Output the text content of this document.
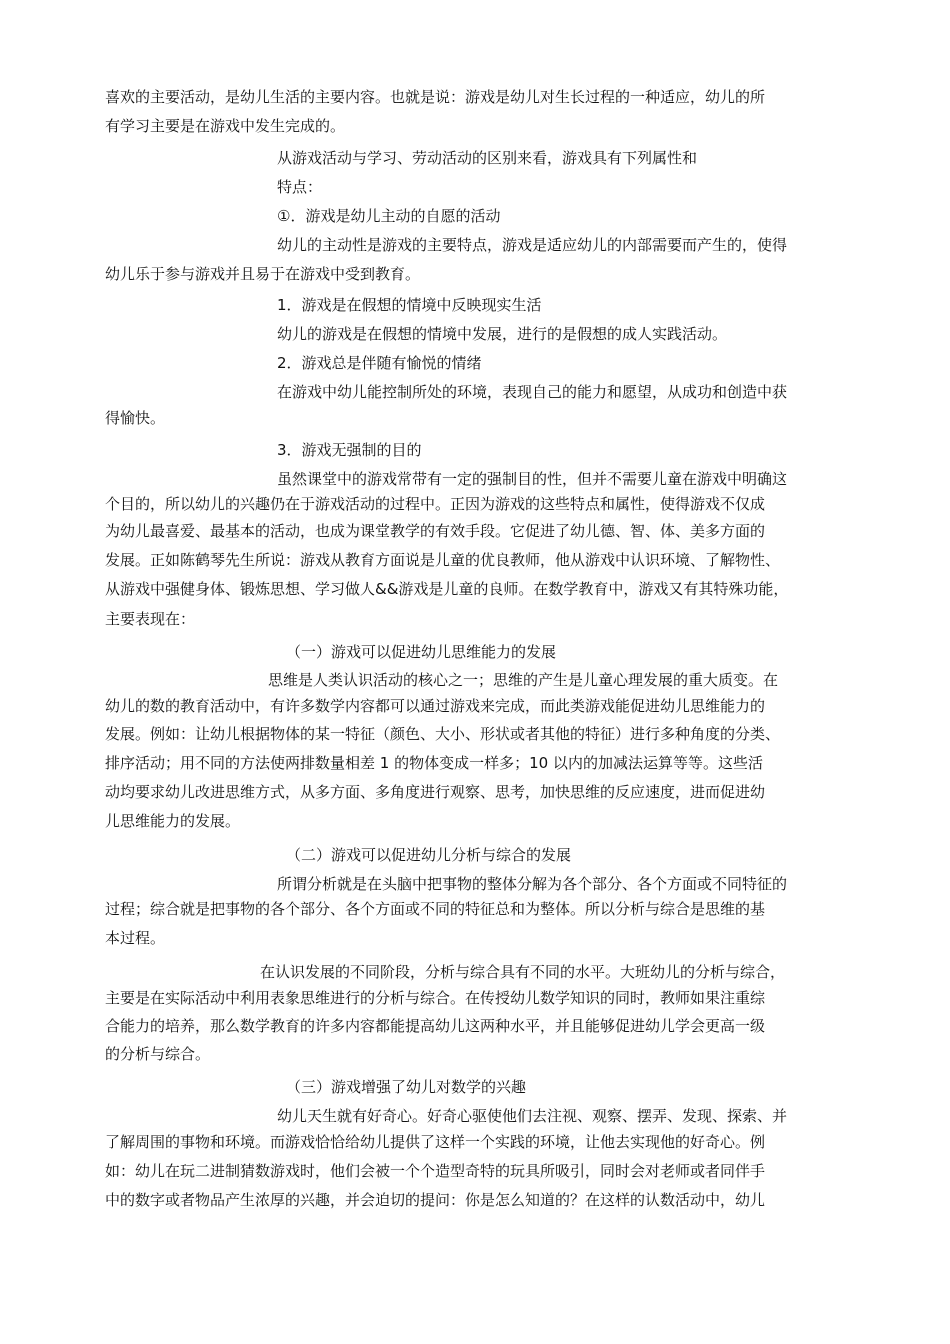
喜欢的主要活动，是幼儿生活的主要内容。也就是说：游戏是幼儿对生长过程的一种适应，幼儿的所
有学习主要是在游戏中发生完成的。
从游戏活动与学习、劳动活动的区别来看，游戏具有下列属性和
特点：
①．游戏是幼儿主动的自愿的活动
幼儿的主动性是游戏的主要特点，游戏是适应幼儿的内部需要而产生的，使得
幼儿乐于参与游戏并且易于在游戏中受到教育。
1．游戏是在假想的情境中反映现实生活
幼儿的游戏是在假想的情境中发展，进行的是假想的成人实践活动。
2．游戏总是伴随有愉悦的情绪
在游戏中幼儿能控制所处的环境，表现自己的能力和愿望，从成功和创造中获
得愉快。
3．游戏无强制的目的
虽然课堂中的游戏常带有一定的强制目的性，但并不需要儿童在游戏中明确这
个目的，所以幼儿的兴趣仍在于游戏活动的过程中。正因为游戏的这些特点和属性，使得游戏不仅成
为幼儿最喜爱、最基本的活动，也成为课堂教学的有效手段。它促进了幼儿德、智、体、美多方面的
发展。正如陈鹤琴先生所说：游戏从教育方面说是儿童的优良教师，他从游戏中认识环境、了解物性、
从游戏中强健身体、锻炼思想、学习做人&&游戏是儿童的良师。在数学教育中，游戏又有其特殊功能，
主要表现在：
（一）游戏可以促进幼儿思维能力的发展
思维是人类认识活动的核心之一；思维的产生是儿童心理发展的重大质变。在
幼儿的数的教育活动中，有许多数学内容都可以通过游戏来完成，而此类游戏能促进幼儿思维能力的
发展。例如：让幼儿根据物体的某一特征（颜色、大小、形状或者其他的特征）进行多种角度的分类、
排序活动；用不同的方法使两排数量相差 1 的物体变成一样多；10 以内的加减法运算等等。这些活
动均要求幼儿改进思维方式，从多方面、多角度进行观察、思考，加快思维的反应速度，进而促进幼
儿思维能力的发展。
（二）游戏可以促进幼儿分析与综合的发展
所谓分析就是在头脑中把事物的整体分解为各个部分、各个方面或不同特征的
过程；综合就是把事物的各个部分、各个方面或不同的特征总和为整体。所以分析与综合是思维的基
本过程。
在认识发展的不同阶段，分析与综合具有不同的水平。大班幼儿的分析与综合，
主要是在实际活动中利用表象思维进行的分析与综合。在传授幼儿数学知识的同时，教师如果注重综
合能力的培养，那么数学教育的许多内容都能提高幼儿这两种水平，并且能够促进幼儿学会更高一级
的分析与综合。
（三）游戏增强了幼儿对数学的兴趣
幼儿天生就有好奇心。好奇心驱使他们去注视、观察、摆弄、发现、探索、并
了解周围的事物和环境。而游戏恰恰给幼儿提供了这样一个实践的环境，让他去实现他的好奇心。例
如：幼儿在玩二进制猜数游戏时，他们会被一个个造型奇特的玩具所吸引，同时会对老师或者同伴手
中的数字或者物品产生浓厚的兴趣，并会迫切的提问：你是怎么知道的？在这样的认数活动中，幼儿
